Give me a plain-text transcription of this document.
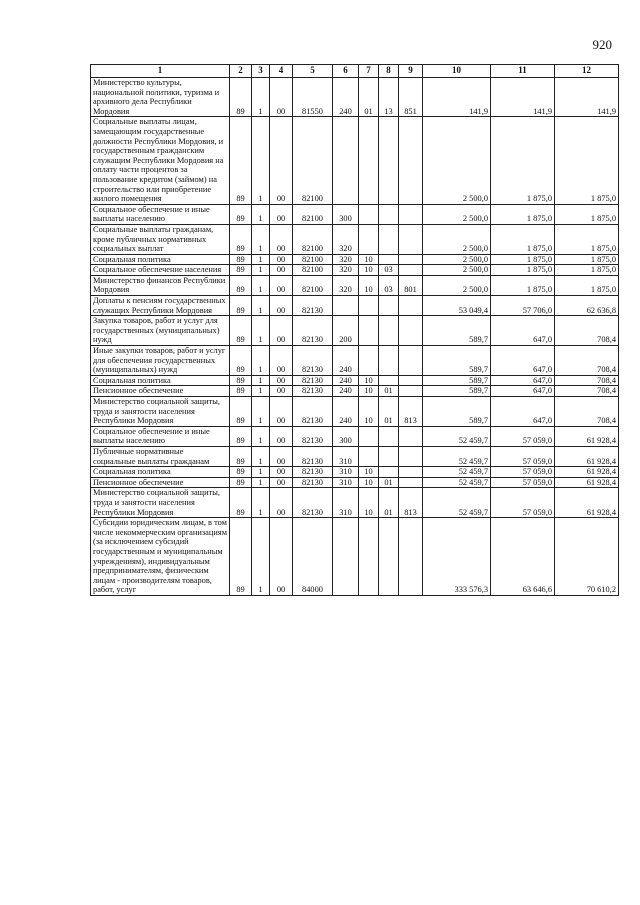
920
1	2	3	4	5	6	7	8	9	10	11	12
Министерство культуры, национальной политики, туризма и архивного дела Республики Мордовия	89	1	00	81550	240	01	13	851	141,9	141,9	141,9
Социальные выплаты лицам, замещающим государственные должности Республики Мордовия, и государственным гражданским служащим Республики Мордовия на оплату части процентов за пользование кредитом (займом) на строительство или приобретение жилого помещения	89	1	00	82100					2 500,0	1 875,0	1 875,0
Социальное обеспечение и иные выплаты населению	89	1	00	82100	300				2 500,0	1 875,0	1 875,0
Социальные выплаты гражданам, кроме публичных нормативных социальных выплат	89	1	00	82100	320				2 500,0	1 875,0	1 875,0
Социальная политика	89	1	00	82100	320	10			2 500,0	1 875,0	1 875,0
Социальное обеспечение населения	89	1	00	82100	320	10	03		2 500,0	1 875,0	1 875,0
Министерство финансов Республики Мордовия	89	1	00	82100	320	10	03	801	2 500,0	1 875,0	1 875,0
Доплаты к пенсиям государственных служащих Республики Мордовия	89	1	00	82130					53 049,4	57 706,0	62 636,8
Закупка товаров, работ и услуг для государственных (муниципальных) нужд	89	1	00	82130	200				589,7	647,0	708,4
Иные закупки товаров, работ и услуг для обеспечения государственных (муниципальных) нужд	89	1	00	82130	240				589,7	647,0	708,4
Социальная политика	89	1	00	82130	240	10			589,7	647,0	708,4
Пенсионное обеспечение	89	1	00	82130	240	10	01		589,7	647,0	708,4
Министерство социальной защиты, труда и занятости населения Республики Мордовия	89	1	00	82130	240	10	01	813	589,7	647,0	708,4
Социальное обеспечение и иные выплаты населению	89	1	00	82130	300				52 459,7	57 059,0	61 928,4
Публичные нормативные социальные выплаты гражданам	89	1	00	82130	310				52 459,7	57 059,0	61 928,4
Социальная политика	89	1	00	82130	310	10			52 459,7	57 059,0	61 928,4
Пенсионное обеспечение	89	1	00	82130	310	10	01		52 459,7	57 059,0	61 928,4
Министерство социальной защиты, труда и занятости населения Республики Мордовия	89	1	00	82130	310	10	01	813	52 459,7	57 059,0	61 928,4
Субсидии юридическим лицам, в том числе некоммерческим организациям (за исключением субсидий государственным и муниципальным учреждениям), индивидуальным предпринимателям, физическим лицам - производителям товаров, работ, услуг	89	1	00	84000					333 576,3	63 646,6	70 610,2
